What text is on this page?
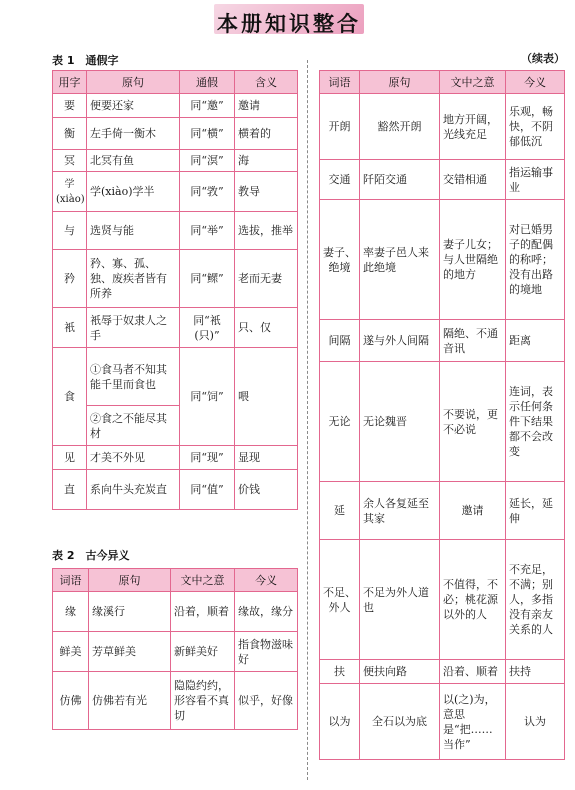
本册知识整合
表 1　通假字
用字	原句	通假	含义
要	便要还家	同“邀”	邀请
衡	左手倚一衡木	同“横”	横着的
冥	北冥有鱼	同“溟”	海
学(xiào)	学(xiào)学半	同“敩”	教导
与	选贤与能	同“举”	选拔，推举
矜	矜、寡、孤、独、废疾者皆有所养	同“鳏”	老而无妻
衹	衹辱于奴隶人之手	同“衹(只)”	只、仅
食	①食马者不知其能千里而食也	同“饲”	喂
	②食之不能尽其材		
见	才美不外见	同“现”	显现
直	系向牛头充炭直	同“值”	价钱
表 2　古今异义
词语	原句	文中之意	今义
缘	缘溪行	沿着，顺着	缘故，缘分
鲜美	芳草鲜美	新鲜美好	指食物滋味好
仿佛	仿佛若有光	隐隐约约，形容看不真切	似乎，好像
（续表）
词语	原句	文中之意	今义
开朗	豁然开朗	地方开阔，光线充足	乐观，畅快，不阴郁低沉
交通	阡陌交通	交错相通	指运输事业
妻子、绝境	率妻子邑人来此绝境	妻子儿女；与人世隔绝的地方	对已婚男子的配偶的称呼；没有出路的境地
间隔	遂与外人间隔	隔绝、不通音讯	距离
无论	无论魏晋	不要说，更不必说	连词，表示任何条件下结果都不会改变
延	余人各复延至其家	邀请	延长，延伸
不足、外人	不足为外人道也	不值得，不必；桃花源以外的人	不充足，不满；别人，多指没有亲友关系的人
扶	便扶向路	沿着、顺着	扶持
以为	全石以为底	以(之)为，意思是“把……当作”	认为
